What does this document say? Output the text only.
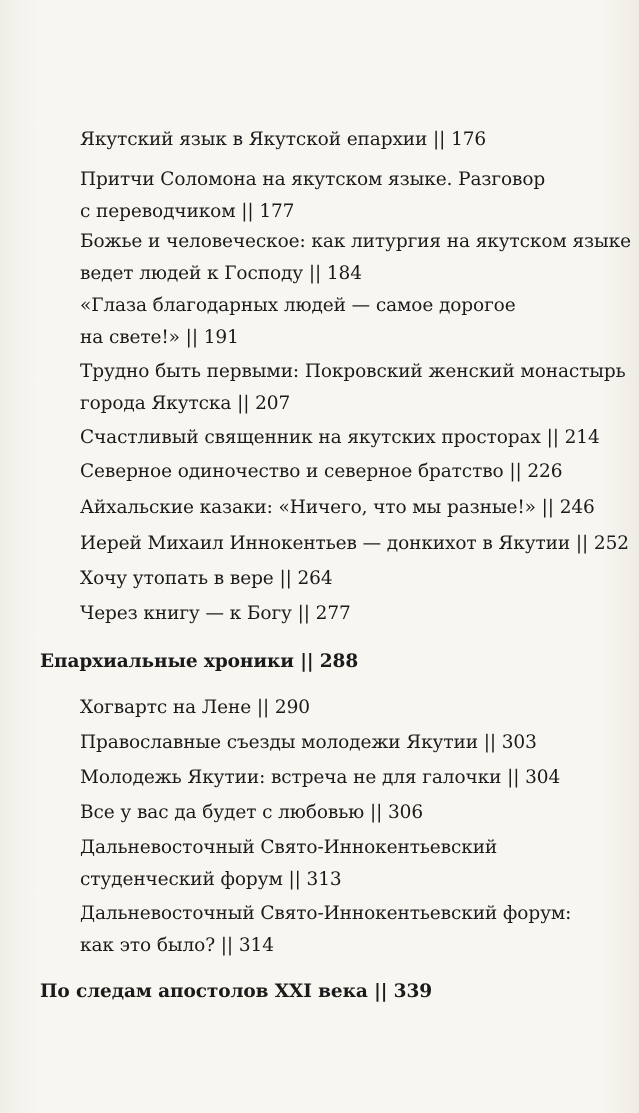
Якутский язык в Якутской епархии || 176
Притчи Соломона на якутском языке. Разговор
с переводчиком || 177
Божье и человеческое: как литургия на якутском языке
ведет людей к Господу || 184
«Глаза благодарных людей — самое дорогое
на свете!» || 191
Трудно быть первыми: Покровский женский монастырь
города Якутска || 207
Счастливый священник на якутских просторах || 214
Северное одиночество и северное братство || 226
Айхальские казаки: «Ничего, что мы разные!» || 246
Иерей Михаил Иннокентьев — донкихот в Якутии || 252
Хочу утопать в вере || 264
Через книгу — к Богу || 277
Епархиальные хроники || 288
Хогвартс на Лене || 290
Православные съезды молодежи Якутии || 303
Молодежь Якутии: встреча не для галочки || 304
Все у вас да будет с любовью || 306
Дальневосточный Свято-Иннокентьевский
студенческий форум || 313
Дальневосточный Свято-Иннокентьевский форум:
как это было? || 314
По следам апостолов XXI века || 339
